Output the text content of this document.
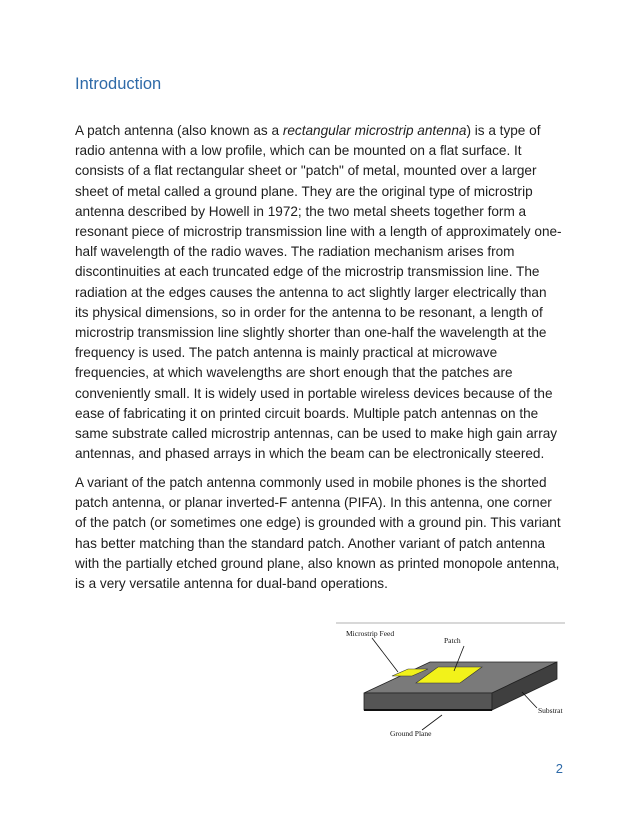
Introduction

A patch antenna (also known as a rectangular microstrip antenna) is a type of radio antenna with a low profile, which can be mounted on a flat surface. It consists of a flat rectangular sheet or "patch" of metal, mounted over a larger sheet of metal called a ground plane. They are the original type of microstrip antenna described by Howell in 1972; the two metal sheets together form a resonant piece of microstrip transmission line with a length of approximately one-half wavelength of the radio waves. The radiation mechanism arises from discontinuities at each truncated edge of the microstrip transmission line. The radiation at the edges causes the antenna to act slightly larger electrically than its physical dimensions, so in order for the antenna to be resonant, a length of microstrip transmission line slightly shorter than one-half the wavelength at the frequency is used. The patch antenna is mainly practical at microwave frequencies, at which wavelengths are short enough that the patches are conveniently small. It is widely used in portable wireless devices because of the ease of fabricating it on printed circuit boards. Multiple patch antennas on the same substrate called microstrip antennas, can be used to make high gain array antennas, and phased arrays in which the beam can be electronically steered.

A variant of the patch antenna commonly used in mobile phones is the shorted patch antenna, or planar inverted-F antenna (PIFA). In this antenna, one corner of the patch (or sometimes one edge) is grounded with a ground pin. This variant has better matching than the standard patch. Another variant of patch antenna with the partially etched ground plane, also known as printed monopole antenna, is a very versatile antenna for dual-band operations.

Microstrip Feed
Patch
Substrat
Ground Plane
2
